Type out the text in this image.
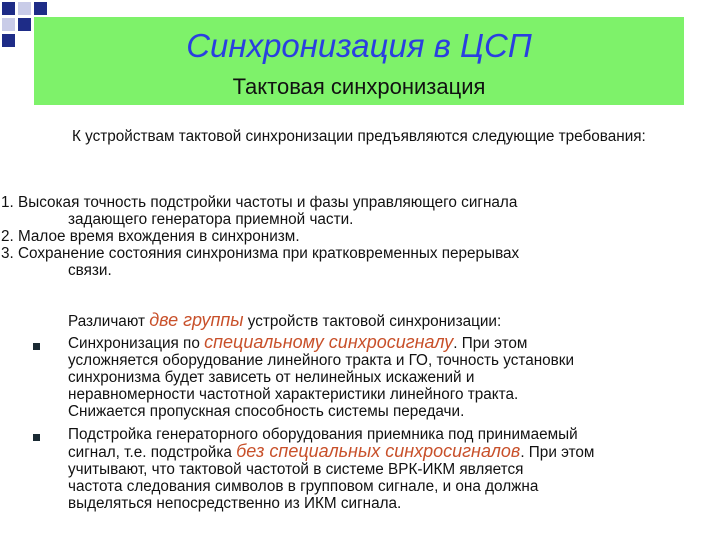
Синхронизация в ЦСП
Тактовая синхронизация
К устройствам тактовой синхронизации предъявляются следующие требования:
1. Высокая точность подстройки частоты и фазы управляющего сигнала
задающего генератора приемной части.
2. Малое время вхождения в синхронизм.
3. Сохранение состояния синхронизма при кратковременных перерывах
связи.
Различают две группы устройств тактовой синхронизации:
Синхронизация по специальному синхросигналу. При этом
усложняется оборудование линейного тракта и ГО, точность установки
синхронизма будет зависеть от нелинейных искажений и
неравномерности частотной характеристики линейного тракта.
Снижается пропускная способность системы передачи.
Подстройка генераторного оборудования приемника под принимаемый
сигнал, т.е. подстройка без специальных синхросигналов. При этом
учитывают, что тактовой частотой в системе ВРК-ИКМ является
частота следования символов в групповом сигнале, и она должна
выделяться непосредственно из ИКМ сигнала.
